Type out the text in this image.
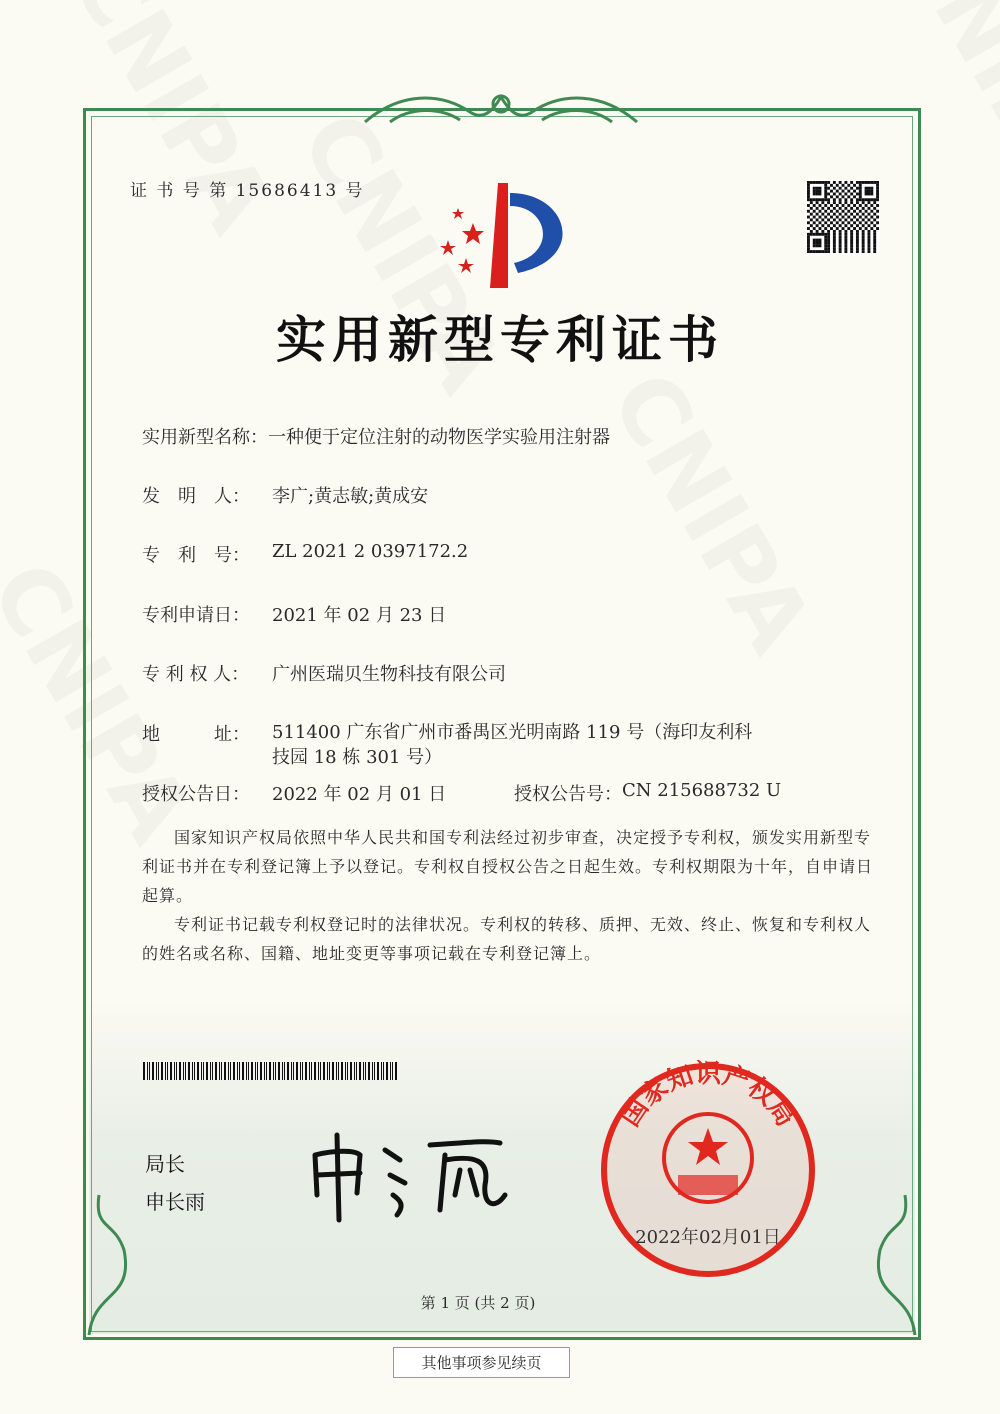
证 书 号 第 15686413 号
实用新型专利证书
实用新型名称： 一种便于定位注射的动物医学实验用注射器
发　明　人：	李广;黄志敏;黄成安
专　利　号：	ZL 2021 2 0397172.2
专利申请日：	2021 年 02 月 23 日
专 利 权 人：	广州医瑞贝生物科技有限公司
地　　　址：	511400 广东省广州市番禺区光明南路 119 号（海印友利科
技园 18 栋 301 号）
授权公告日：	2022 年 02 月 01 日	授权公告号： CN 215688732 U

国家知识产权局依照中华人民共和国专利法经过初步审查，决定授予专利权，颁发实用新型专利证书并在专利登记簿上予以登记。专利权自授权公告之日起生效。专利权期限为十年，自申请日起算。

专利证书记载专利权登记时的法律状况。专利权的转移、质押、无效、终止、恢复和专利权人的姓名或名称、国籍、地址变更等事项记载在专利登记簿上。

局长
申长雨
国家知识产权局
2022年02月01日
第 1 页 (共 2 页)
其他事项参见续页
